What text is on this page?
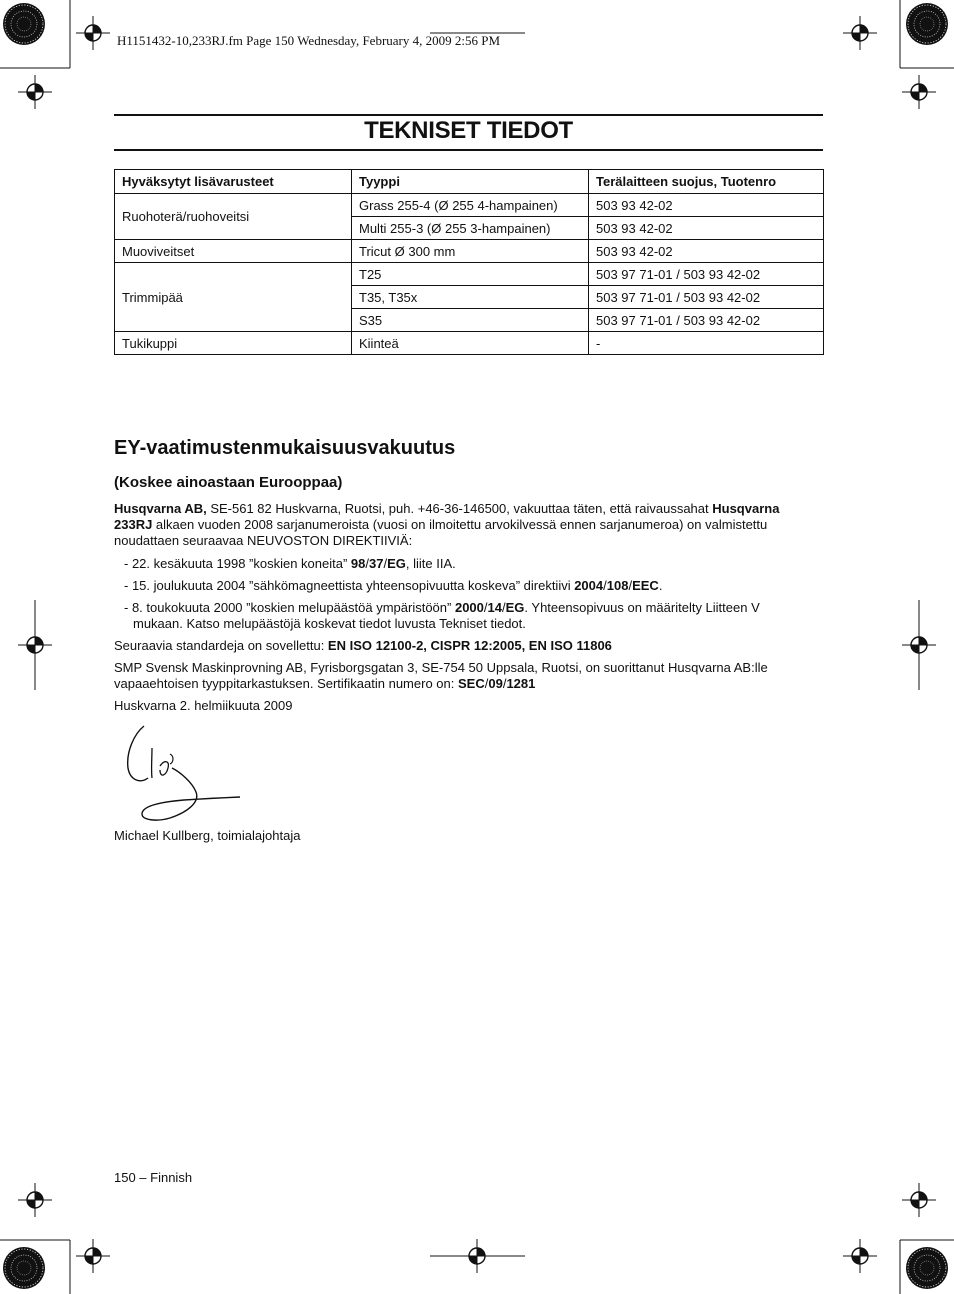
H1151432-10,233RJ.fm Page 150 Wednesday, February 4, 2009 2:56 PM
TEKNISET TIEDOT
Hyväksytyt lisävarusteet	Tyyppi	Terälaitteen suojus, Tuotenro
Ruohoterä/ruohoveitsi	Grass 255-4 (Ø 255 4-hampainen)	503 93 42-02
	Multi 255-3 (Ø 255 3-hampainen)	503 93 42-02
Muoviveitset	Tricut Ø 300 mm	503 93 42-02
Trimmipää	T25	503 97 71-01 / 503 93 42-02
	T35, T35x	503 97 71-01 / 503 93 42-02
	S35	503 97 71-01 / 503 93 42-02
Tukikuppi	Kiinteä	-
EY-vaatimustenmukaisuusvakuutus
(Koskee ainoastaan Eurooppaa)
Husqvarna AB, SE-561 82 Huskvarna, Ruotsi, puh. +46-36-146500, vakuuttaa täten, että raivaussahat Husqvarna 233RJ alkaen vuoden 2008 sarjanumeroista (vuosi on ilmoitettu arvokilvessä ennen sarjanumeroa) on valmistettu noudattaen seuraavaa NEUVOSTON DIREKTIIVIÄ:
- 22. kesäkuuta 1998 ”koskien koneita” 98/37/EG, liite IIA.
- 15. joulukuuta 2004 ”sähkömagneettista yhteensopivuutta koskeva” direktiivi 2004/108/EEC.
- 8. toukokuuta 2000 ”koskien melupäästöä ympäristöön” 2000/14/EG. Yhteensopivuus on määritelty Liitteen V
mukaan. Katso melupäästöjä koskevat tiedot luvusta Tekniset tiedot.
Seuraavia standardeja on sovellettu: EN ISO 12100-2, CISPR 12:2005, EN ISO 11806
SMP Svensk Maskinprovning AB, Fyrisborgsgatan 3, SE-754 50 Uppsala, Ruotsi, on suorittanut Husqvarna AB:lle vapaaehtoisen tyyppitarkastuksen. Sertifikaatin numero on: SEC/09/1281
Huskvarna 2. helmiikuuta 2009
Michael Kullberg, toimialajohtaja
150 – Finnish
